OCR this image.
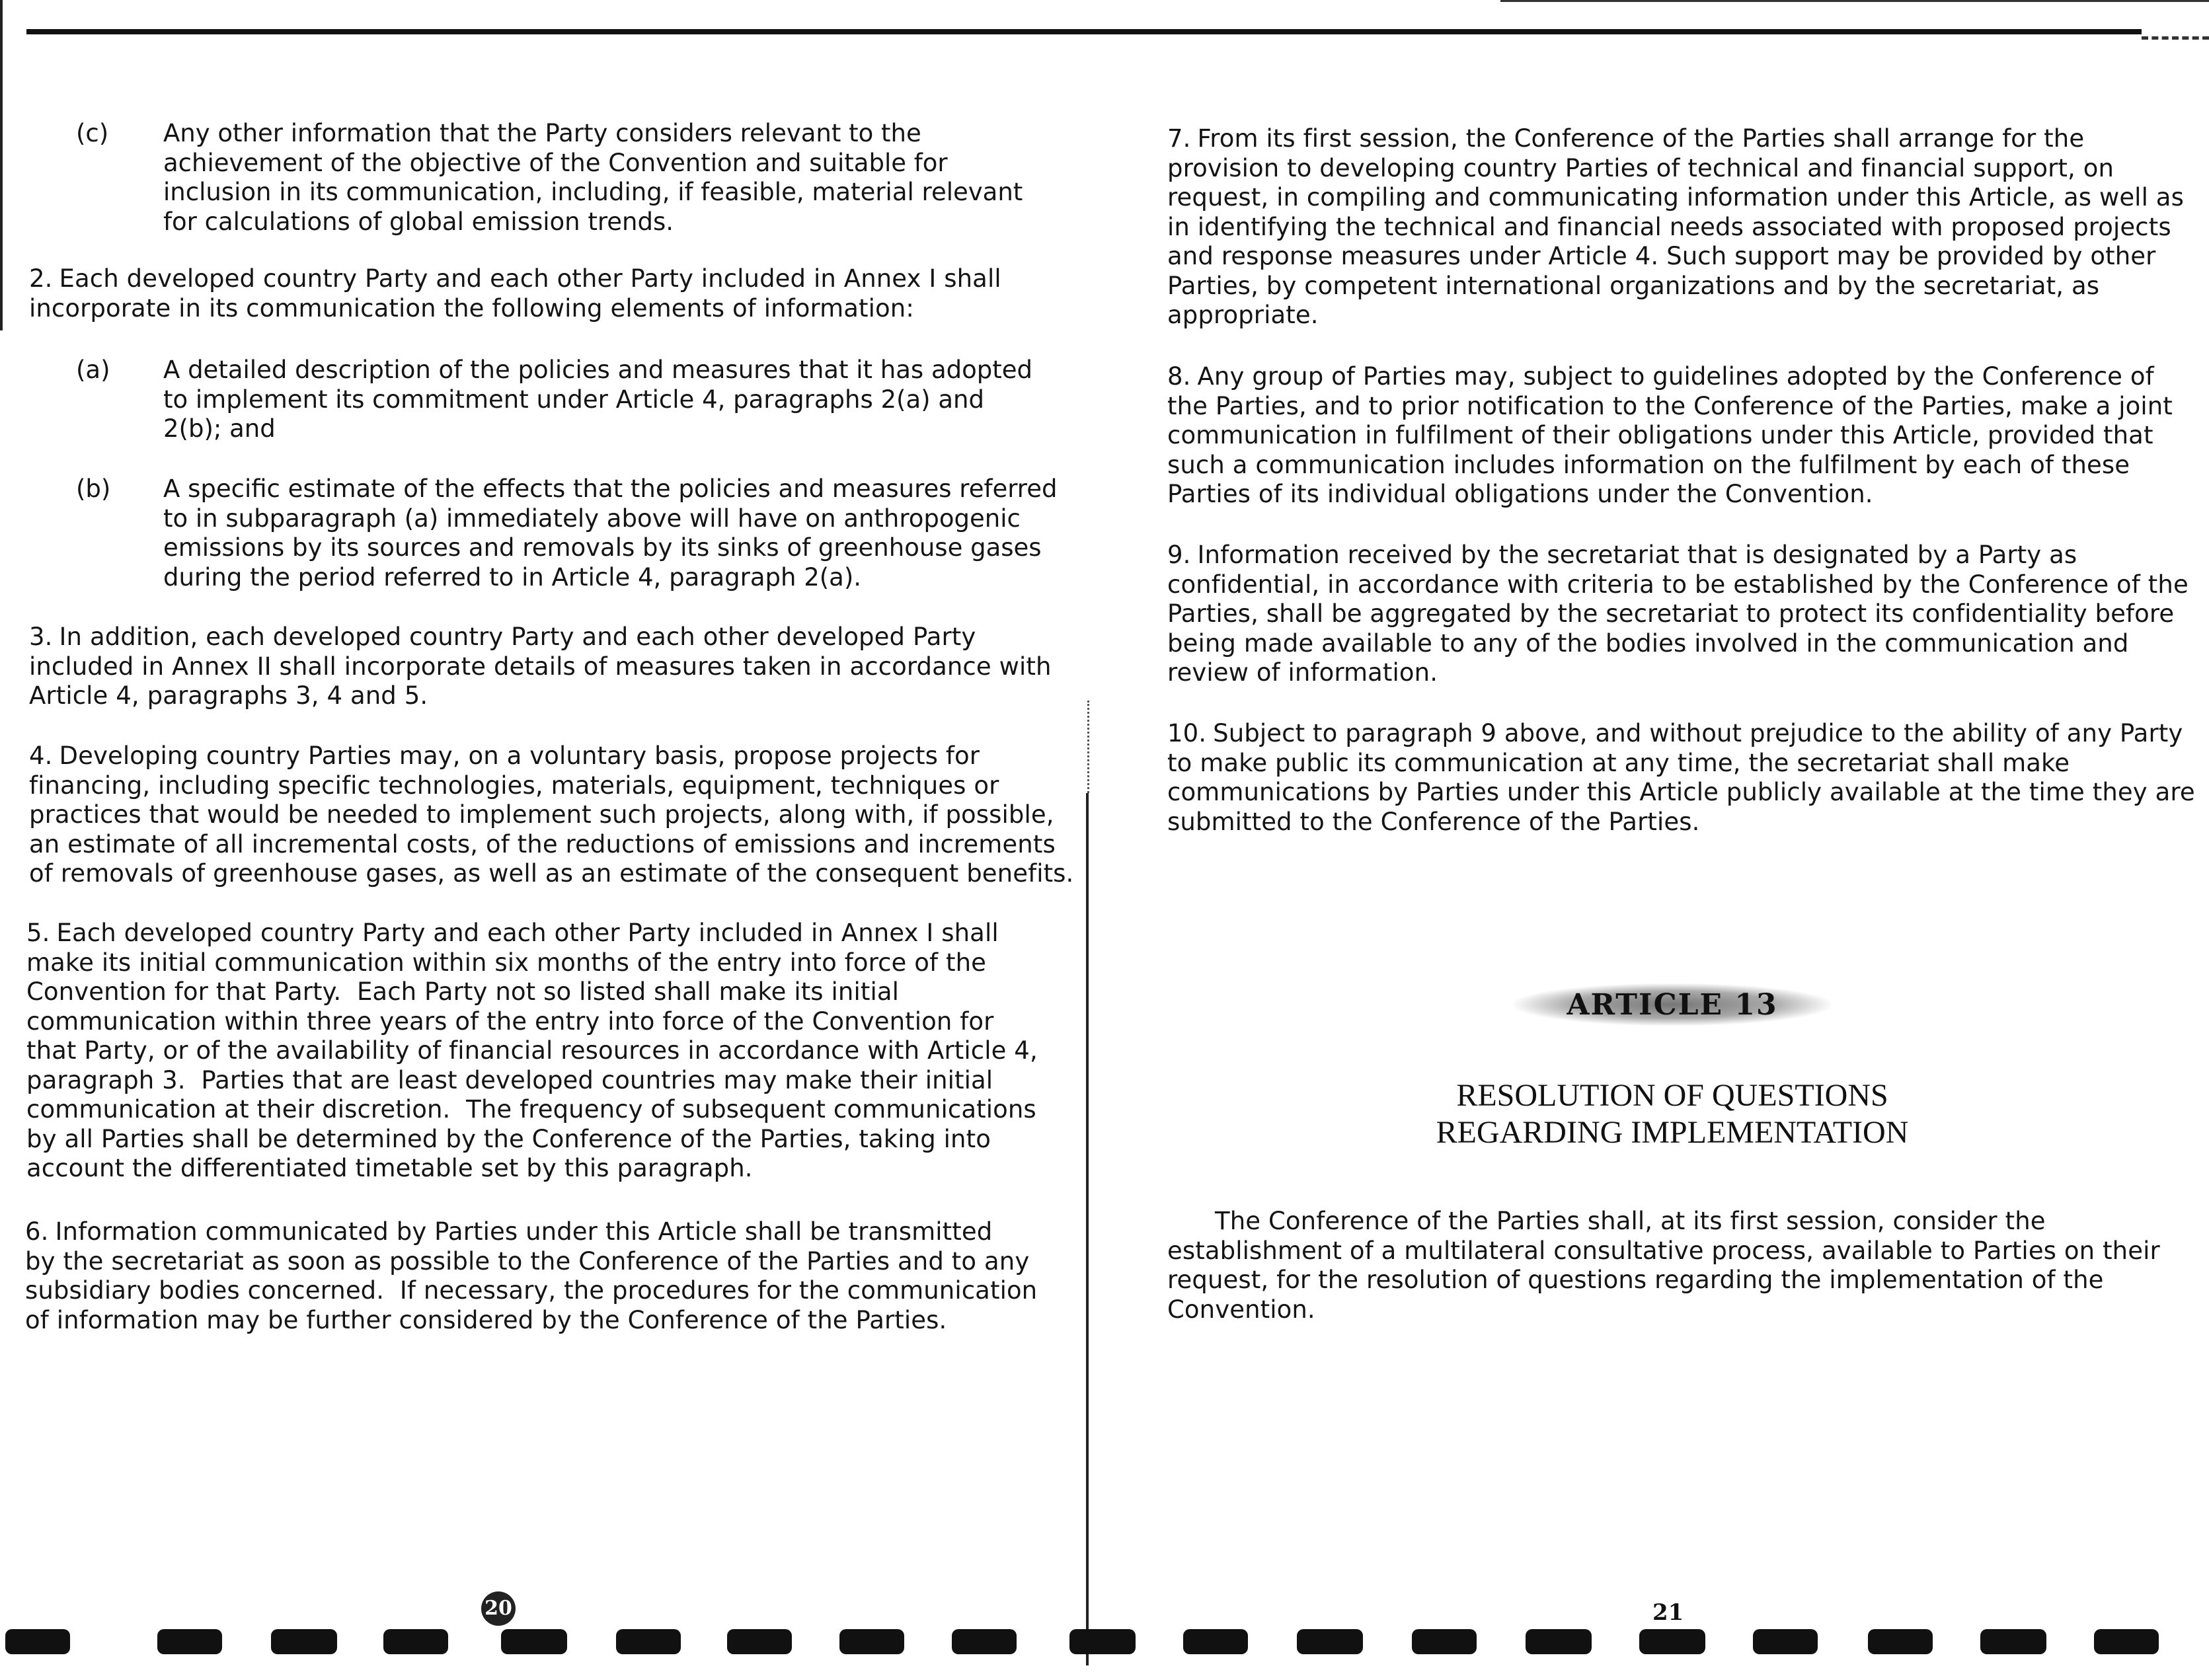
(c) Any other information that the Party considers relevant to the
achievement of the objective of the Convention and suitable for
inclusion in its communication, including, if feasible, material relevant
for calculations of global emission trends.

2. Each developed country Party and each other Party included in Annex I shall
incorporate in its communication the following elements of information:

(a) A detailed description of the policies and measures that it has adopted
to implement its commitment under Article 4, paragraphs 2(a) and
2(b); and
(b) A specific estimate of the effects that the policies and measures referred
to in subparagraph (a) immediately above will have on anthropogenic
emissions by its sources and removals by its sinks of greenhouse gases
during the period referred to in Article 4, paragraph 2(a).

3. In addition, each developed country Party and each other developed Party
included in Annex II shall incorporate details of measures taken in accordance with
Article 4, paragraphs 3, 4 and 5.

4. Developing country Parties may, on a voluntary basis, propose projects for
financing, including specific technologies, materials, equipment, techniques or
practices that would be needed to implement such projects, along with, if possible,
an estimate of all incremental costs, of the reductions of emissions and increments
of removals of greenhouse gases, as well as an estimate of the consequent benefits.

5. Each developed country Party and each other Party included in Annex I shall
make its initial communication within six months of the entry into force of the
Convention for that Party.  Each Party not so listed shall make its initial
communication within three years of the entry into force of the Convention for
that Party, or of the availability of financial resources in accordance with Article 4,
paragraph 3.  Parties that are least developed countries may make their initial
communication at their discretion.  The frequency of subsequent communications
by all Parties shall be determined by the Conference of the Parties, taking into
account the differentiated timetable set by this paragraph.

6. Information communicated by Parties under this Article shall be transmitted
by the secretariat as soon as possible to the Conference of the Parties and to any
subsidiary bodies concerned.  If necessary, the procedures for the communication
of information may be further considered by the Conference of the Parties.

7. From its first session, the Conference of the Parties shall arrange for the
provision to developing country Parties of technical and financial support, on
request, in compiling and communicating information under this Article, as well as
in identifying the technical and financial needs associated with proposed projects
and response measures under Article 4. Such support may be provided by other
Parties, by competent international organizations and by the secretariat, as
appropriate.

8. Any group of Parties may, subject to guidelines adopted by the Conference of
the Parties, and to prior notification to the Conference of the Parties, make a joint
communication in fulfilment of their obligations under this Article, provided that
such a communication includes information on the fulfilment by each of these
Parties of its individual obligations under the Convention.

9. Information received by the secretariat that is designated by a Party as
confidential, in accordance with criteria to be established by the Conference of the
Parties, shall be aggregated by the secretariat to protect its confidentiality before
being made available to any of the bodies involved in the communication and
review of information.

10. Subject to paragraph 9 above, and without prejudice to the ability of any Party
to make public its communication at any time, the secretariat shall make
communications by Parties under this Article publicly available at the time they are
submitted to the Conference of the Parties.

The Conference of the Parties shall, at its first session, consider the
establishment of a multilateral consultative process, available to Parties on their
request, for the resolution of questions regarding the implementation of the
Convention.

ARTICLE 13
RESOLUTION OF QUESTIONS
REGARDING IMPLEMENTATION
20	21
